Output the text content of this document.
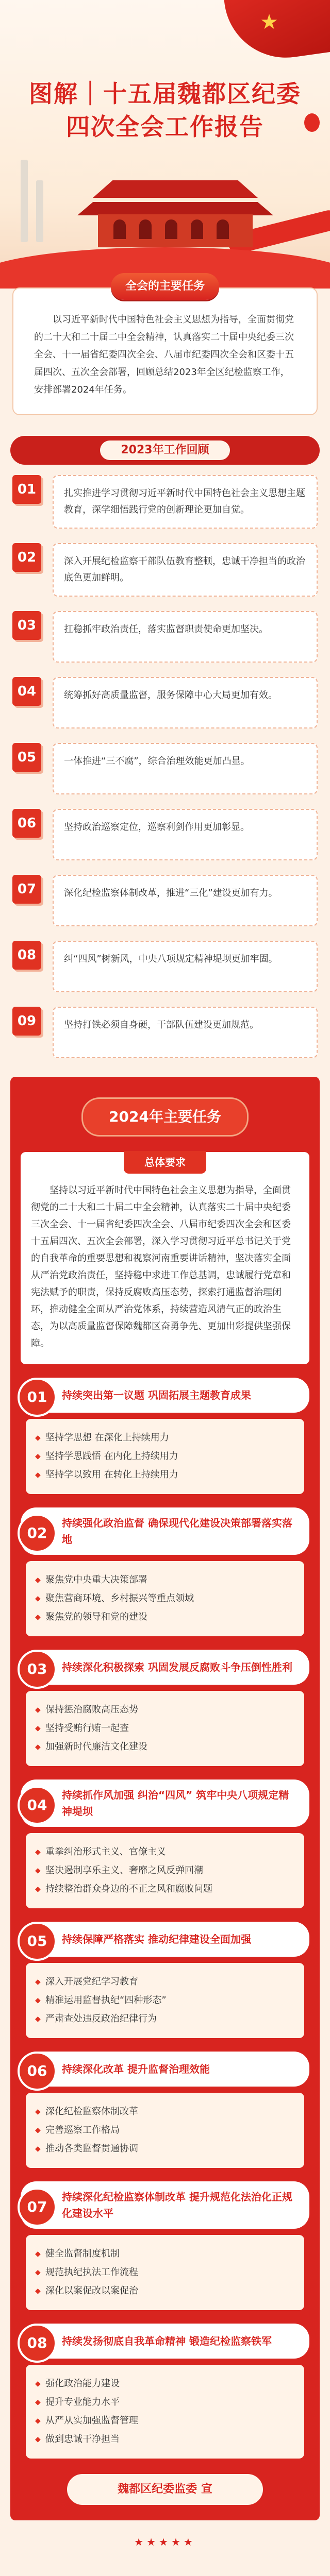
★
图解｜十五届魏都区纪委
四次全会工作报告
全会的主要任务
以习近平新时代中国特色社会主义思想为指导，全面贯彻党的二十大和二十届二中全会精神，认真落实二十届中央纪委三次全会、十一届省纪委四次全会、八届市纪委四次全会和区委十五届四次、五次全会部署，回顾总结2023年全区纪检监察工作，安排部署2024年任务。
2023年工作回顾
01	扎实推进学习贯彻习近平新时代中国特色社会主义思想主题教育，深学细悟践行党的创新理论更加自觉。
02	深入开展纪检监察干部队伍教育整顿，忠诚干净担当的政治底色更加鲜明。
03	扛稳抓牢政治责任，落实监督职责使命更加坚决。
04	统筹抓好高质量监督，服务保障中心大局更加有效。
05	一体推进“三不腐”，综合治理效能更加凸显。
06	坚持政治巡察定位，巡察利剑作用更加彰显。
07	深化纪检监察体制改革，推进“三化”建设更加有力。
08	纠“四风”树新风，中央八项规定精神堤坝更加牢固。
09	坚持打铁必须自身硬，干部队伍建设更加规范。
2024年主要任务
总体要求
坚持以习近平新时代中国特色社会主义思想为指导，全面贯彻党的二十大和二十届二中全会精神，认真落实二十届中央纪委三次全会、十一届省纪委四次全会、八届市纪委四次全会和区委十五届四次、五次全会部署，深入学习贯彻习近平总书记关于党的自我革命的重要思想和视察河南重要讲话精神，坚决落实全面从严治党政治责任，坚持稳中求进工作总基调，忠诚履行党章和宪法赋予的职责，保持反腐败高压态势，探索打通监督治理闭环，推动健全全面从严治党体系，持续营造风清气正的政治生态，为以高质量监督保障魏都区奋勇争先、更加出彩提供坚强保障。
01	持续突出第一议题 巩固拓展主题教育成果
◆ 坚持学思想 在深化上持续用力
◆ 坚持学思践悟 在内化上持续用力
◆ 坚持学以致用 在转化上持续用力
02
持续强化政治监督 确保现代化建设决策部署落实落地
◆ 聚焦党中央重大决策部署
◆ 聚焦营商环境、乡村振兴等重点领域
◆ 聚焦党的领导和党的建设
03	持续深化积极探索 巩固发展反腐败斗争压倒性胜利
◆ 保持惩治腐败高压态势
◆ 坚持受贿行贿一起查
◆ 加强新时代廉洁文化建设
04
持续抓作风加强 纠治“四风” 筑牢中央八项规定精神堤坝
◆ 重拳纠治形式主义、官僚主义
◆ 坚决遏制享乐主义、奢靡之风反弹回潮
◆ 持续整治群众身边的不正之风和腐败问题
05	持续保障严格落实 推动纪律建设全面加强
◆ 深入开展党纪学习教育
◆ 精准运用监督执纪“四种形态”
◆ 严肃查处违反政治纪律行为
06	持续深化改革 提升监督治理效能
◆ 深化纪检监察体制改革
◆ 完善巡察工作格局
◆ 推动各类监督贯通协调
07
持续深化纪检监察体制改革 提升规范化法治化正规化建设水平
◆ 健全监督制度机制
◆ 规范执纪执法工作流程
◆ 深化以案促改以案促治
08	持续发扬彻底自我革命精神 锻造纪检监察铁军
◆ 强化政治能力建设
◆ 提升专业能力水平
◆ 从严从实加强监督管理
◆ 做到忠诚干净担当
魏都区纪委监委 宣
★★★★★
